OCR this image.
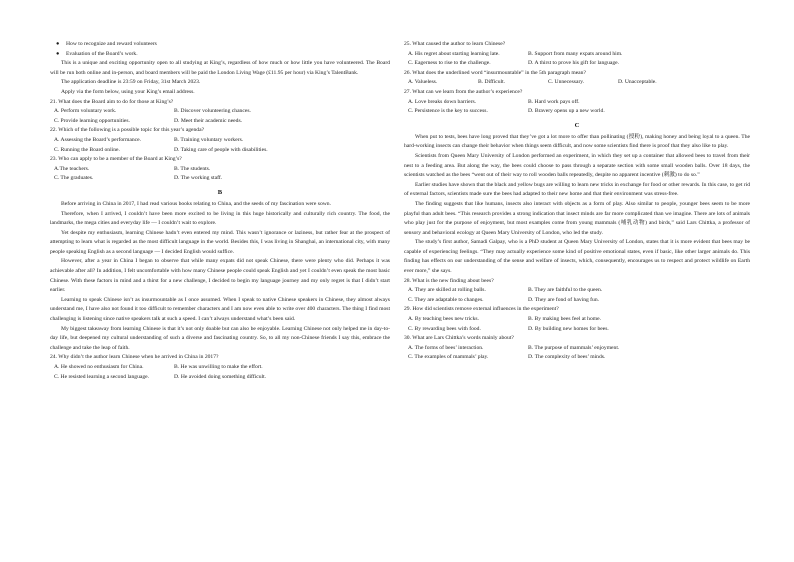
●	How to recognize and reward volunteers
●	Evaluation of the Board’s work.

This is a unique and exciting opportunity open to all studying at King’s, regardless of how much or how little you have volunteered. The Board will be run both online and in-person, and board members will be paid the London Living Wage (£11.95 per hour) via King’s TalentBank.

The application deadline is 23:59 on Friday, 31st March 2023.

Apply via the form below, using your King’s email address.

21. What does the Board aim to do for those at King’s?

A. Perform voluntary work.	B. Discover volunteering chances.
C. Provide learning opportunities.	D. Meet their academic needs.

22. Which of the following is a possible topic for this year’s agenda?

A. Assessing the Board’s performance.	B. Training voluntary workers.
C. Running the Board online.	D. Taking care of people with disabilities.

23. Who can apply to be a member of the Board at King’s?

A.The teachers.	B. The students.
C. The graduates.	D. The working staff.
B

Before arriving in China in 2017, I had read various books relating to China, and the seeds of my fascination were sown.

Therefore, when I arrived, I couldn’t have been more excited to be living in this huge historically and culturally rich country. The food, the landmarks, the mega cities and everyday life — I couldn’t wait to explore.

Yet despite my enthusiasm, learning Chinese hadn’t even entered my mind. This wasn’t ignorance or laziness, but rather fear at the prospect of attempting to learn what is regarded as the most difficult language in the world. Besides this, I was living in Shanghai, an international city, with many people speaking English as a second language — I decided English would suffice.

However, after a year in China I began to observe that while many expats did not speak Chinese, there were plenty who did. Perhaps it was achievable after all? In addition, I felt uncomfortable with how many Chinese people could speak English and yet I couldn’t even speak the most basic Chinese. With these factors in mind and a thirst for a new challenge, I decided to begin my language journey and my only regret is that I didn’t start earlier.

Learning to speak Chinese isn’t as insurmountable as I once assumed. When I speak to native Chinese speakers in Chinese, they almost always understand me, I have also not found it too difficult to remember characters and I am now even able to write over 400 characters. The thing I find most challenging is listening since native speakers talk at such a speed. I can’t always understand what’s been said.

My biggest takeaway from learning Chinese is that it’s not only doable but can also be enjoyable. Learning Chinese not only helped me in day-to-day life, but deepened my cultural understanding of such a diverse and fascinating country. So, to all my non-Chinese friends I say this, embrace the challenge and take the leap of faith.

24. Why didn’t the author learn Chinese when he arrived in China in 2017?

A. He showed no enthusiasm for China.	B. He was unwilling to make the effort.
C. He resisted learning a second language.	D. He avoided doing something difficult.

25. What caused the author to learn Chinese?

A. His regret about starting learning late.	B. Support from many expats around him.
C. Eagerness to rise to the challenge.	D. A thirst to prove his gift for language.

26. What does the underlined word “insurmountable” in the 5th paragraph mean?

A. Valueless.	B. Difficult.	C. Unnecessary.	D. Unacceptable.

27. What can we learn from the author’s experience?

A. Love breaks down barriers.	B. Hard work pays off.
C. Persistence is the key to success.	D. Bravery opens up a new world.
C

When put to tests, bees have long proved that they’ve got a lot more to offer than pollinating (授粉), making honey and being loyal to a queen. The hard-working insects can change their behavior when things seem difficult, and now some scientists find there is proof that they also like to play.

Scientists from Queen Mary University of London performed an experiment, in which they set up a container that allowed bees to travel from their nest to a feeding area. But along the way, the bees could choose to pass through a separate section with some small wooden balls. Over 18 days, the scientists watched as the bees “went out of their way to roll wooden balls repeatedly, despite no apparent incentive (刺激) to do so.”

Earlier studies have shown that the black and yellow bugs are willing to learn new tricks in exchange for food or other rewards. In this case, to get rid of external factors, scientists made sure the bees had adapted to their new home and that their environment was stress-free.

The finding suggests that like humans, insects also interact with objects as a form of play. Also similar to people, younger bees seem to be more playful than adult bees. “This research provides a strong indication that insect minds are far more complicated than we imagine. There are lots of animals who play just for the purpose of enjoyment, but most examples come from young mammals (哺乳动物) and birds,” said Lars Chittka, a professor of sensory and behavioral ecology at Queen Mary University of London, who led the study.

The study’s first author, Samadi Galpay, who is a PhD student at Queen Mary University of London, states that it is more evident that bees may be capable of experiencing feelings. “They may actually experience some kind of positive emotional states, even if basic, like other larger animals do. This finding has effects on our understanding of the sense and welfare of insects, which, consequently, encourages us to respect and protect wildlife on Earth ever more,” she says.

28. What is the new finding about bees?

A. They are skilled at rolling balls.	B. They are faithful to the queen.
C. They are adaptable to changes.	D. They are fond of having fun.

29. How did scientists remove external influences in the experiment?

A. By teaching bees new tricks.	B. By making bees feel at home.
C. By rewarding bees with food.	D. By building new homes for bees.

30. What are Lars Chittka’s words mainly about?

A. The forms of bees’ interaction.	B. The purpose of mammals’ enjoyment.
C. The examples of mammals’ play.	D. The complexity of bees’ minds.
